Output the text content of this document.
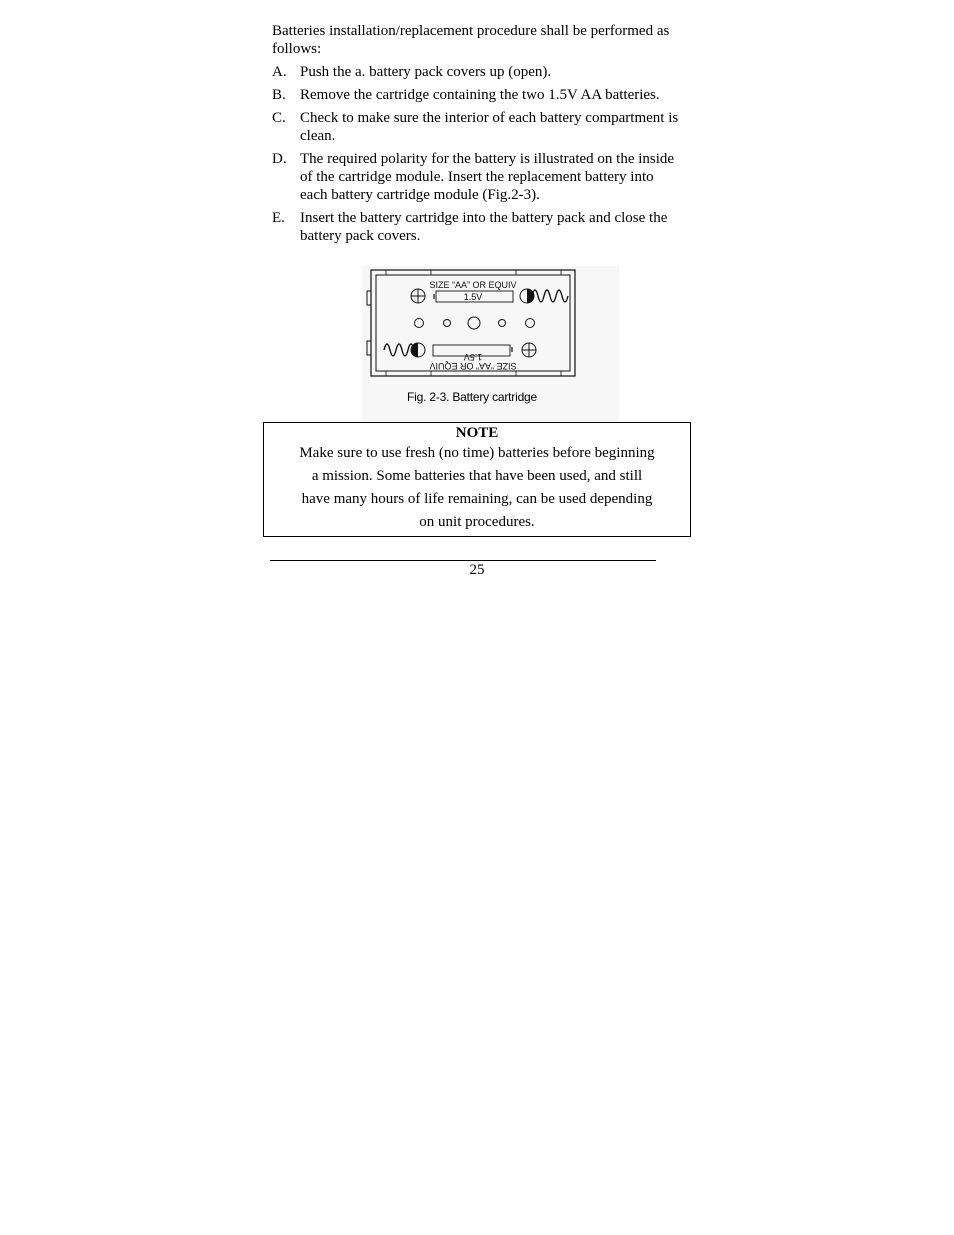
Batteries installation/replacement procedure shall be performed as follows:

A. Push the a. battery pack covers up (open).
B. Remove the cartridge containing the two 1.5V AA batteries.
C. Check to make sure the interior of each battery compartment is clean.
D. The required polarity for the battery is illustrated on the inside of the cartridge module. Insert the replacement battery into each battery cartridge module (Fig.2-3).
E.	Insert the battery cartridge into the battery pack and close the battery pack covers.
SIZE “AA” OR EQUIV
1.5V
1.5V
SIZE “AA” OR EQUIV
Fig. 2-3. Battery cartridge
NOTE
Make sure to use fresh (no time) batteries before beginning
a mission. Some batteries that have been used, and still
have many hours of life remaining, can be used depending
on unit procedures.
25
